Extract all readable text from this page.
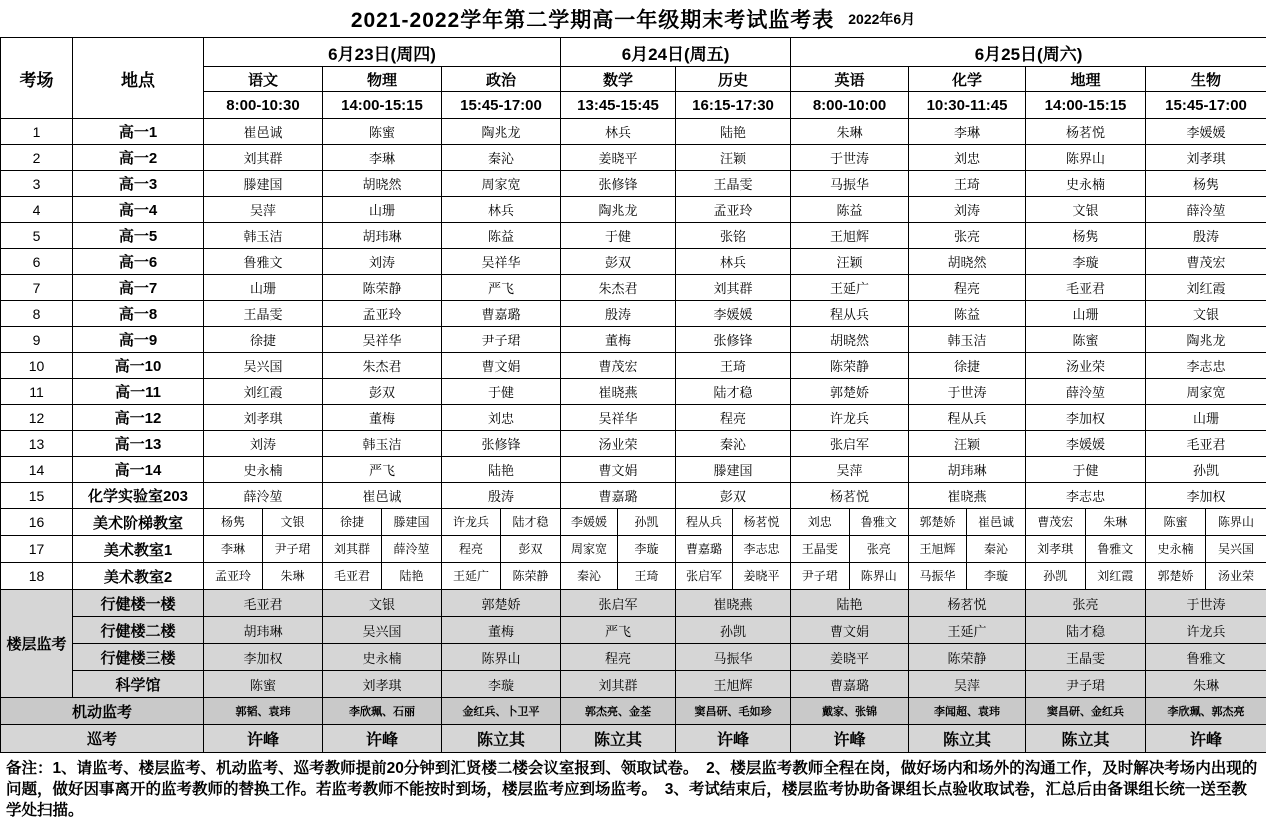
2021-2022学年第二学期高一年级期末考试监考表 2022年6月
考场	地点	6月23日(周四)			6月24日(周五)		6月25日(周六)			
		语文	物理	政治	数学	历史	英语	化学	地理	生物
		8:00-10:30	14:00-15:15	15:45-17:00	13:45-15:45	16:15-17:30	8:00-10:00	10:30-11:45	14:00-15:15	15:45-17:00
1	高一1	崔邑诚	陈蜜	陶兆龙	林兵	陆艳	朱琳	李琳	杨茗悦	李媛媛
2	高一2	刘其群	李琳	秦沁	姜晓平	汪颖	于世涛	刘忠	陈界山	刘孝琪
3	高一3	滕建国	胡晓然	周家宽	张修锋	王晶雯	马振华	王琦	史永楠	杨隽
4	高一4	吴萍	山珊	林兵	陶兆龙	孟亚玲	陈益	刘涛	文银	薛泠堃
5	高一5	韩玉洁	胡玮琳	陈益	于健	张铭	王旭辉	张亮	杨隽	殷涛
6	高一6	鲁雅文	刘涛	吴祥华	彭双	林兵	汪颖	胡晓然	李璇	曹茂宏
7	高一7	山珊	陈荣静	严飞	朱杰君	刘其群	王延广	程亮	毛亚君	刘红霞
8	高一8	王晶雯	孟亚玲	曹嘉璐	殷涛	李媛媛	程从兵	陈益	山珊	文银
9	高一9	徐捷	吴祥华	尹子珺	董梅	张修锋	胡晓然	韩玉洁	陈蜜	陶兆龙
10	高一10	吴兴国	朱杰君	曹文娟	曹茂宏	王琦	陈荣静	徐捷	汤业荣	李志忠
11	高一11	刘红霞	彭双	于健	崔晓燕	陆才稳	郭楚娇	于世涛	薛泠堃	周家宽
12	高一12	刘孝琪	董梅	刘忠	吴祥华	程亮	许龙兵	程从兵	李加权	山珊
13	高一13	刘涛	韩玉洁	张修锋	汤业荣	秦沁	张启军	汪颖	李媛媛	毛亚君
14	高一14	史永楠	严飞	陆艳	曹文娟	滕建国	吴萍	胡玮琳	于健	孙凯
15	化学实验室203	薛泠堃	崔邑诚	殷涛	曹嘉璐	彭双	杨茗悦	崔晓燕	李志忠	李加权
16	美术阶梯教室	杨隽 文银	徐捷 滕建国	许龙兵 陆才稳	李媛媛 孙凯	程从兵 杨茗悦	刘忠 鲁雅文	郭楚娇 崔邑诚	曹茂宏 朱琳	陈蜜 陈界山

17	美术教室1	李琳 尹子珺	刘其群 薛泠堃	程亮 彭双	周家宽 李璇	曹嘉璐 李志忠	王晶雯 张亮	王旭辉 秦沁	刘孝琪 鲁雅文	史永楠 吴兴国

18	美术教室2	孟亚玲 朱琳	毛亚君 陆艳	王延广 陈荣静	秦沁 王琦	张启军 姜晓平	尹子珺 陈界山	马振华 李璇	孙凯 刘红霞	郭楚娇 汤业荣

楼层监考	行健楼一楼	毛亚君	文银	郭楚娇	张启军	崔晓燕	陆艳	杨茗悦	张亮	于世涛
	行健楼二楼	胡玮琳	吴兴国	董梅	严飞	孙凯	曹文娟	王延广	陆才稳	许龙兵
	行健楼三楼	李加权	史永楠	陈界山	程亮	马振华	姜晓平	陈荣静	王晶雯	鲁雅文
	科学馆	陈蜜	刘孝琪	李璇	刘其群	王旭辉	曹嘉璐	吴萍	尹子珺	朱琳
机动监考		郭韬、袁玮	李欣珮、石丽	金红兵、卜卫平	郭杰亮、金荃	窦昌研、毛如珍	戴家、张锦	李闻超、袁玮	窦昌研、金红兵	李欣珮、郭杰亮
巡考		许峰	许峰	陈立其	陈立其	许峰	许峰	陈立其	陈立其	许峰
备注：1、请监考、楼层监考、机动监考、巡考教师提前20分钟到汇贤楼二楼会议室报到、领取试卷。　2、楼层监考教师全程在岗，做好场内和场外的沟通工作，及时解决考场内出现的问题，做好因事离开的监考教师的替换工作。若监考教师不能按时到场，楼层监考应到场监考。　3、考试结束后，楼层监考协助备课组长点验收取试卷，汇总后由备课组长统一送至教学处扫描。
